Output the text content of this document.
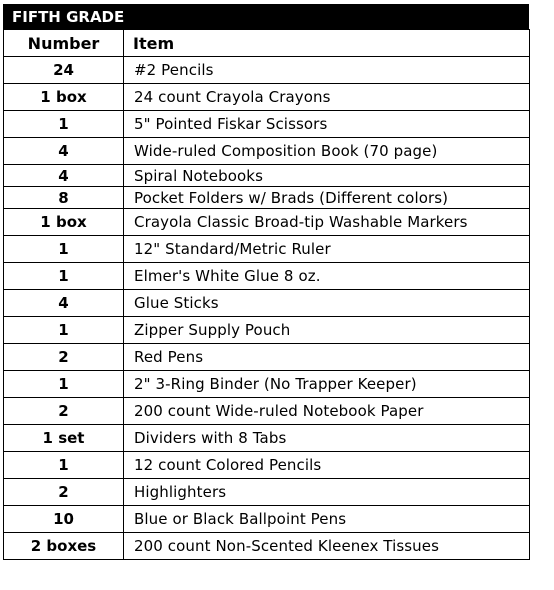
FIFTH GRADE
Number	Item
24	#2 Pencils
1 box	24 count Crayola Crayons
1	5" Pointed Fiskar Scissors
4	Wide-ruled Composition Book (70 page)
4	Spiral Notebooks
8	Pocket Folders w/ Brads (Different colors)
1 box	Crayola Classic Broad-tip Washable Markers
1	12" Standard/Metric Ruler
1	Elmer's White Glue 8 oz.
4	Glue Sticks
1	Zipper Supply Pouch
2	Red Pens
1	2" 3-Ring Binder (No Trapper Keeper)
2	200 count Wide-ruled Notebook Paper
1 set	Dividers with 8 Tabs
1	12 count Colored Pencils
2	Highlighters
10	Blue or Black Ballpoint Pens
2 boxes	200 count Non-Scented Kleenex Tissues
